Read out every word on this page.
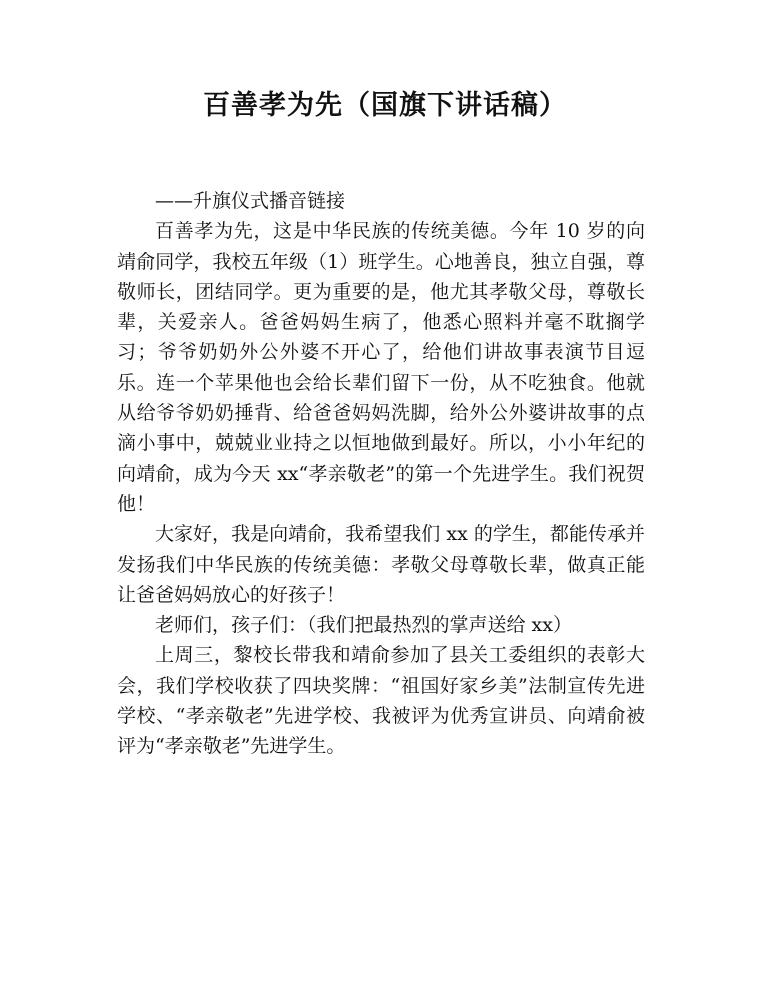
百善孝为先（国旗下讲话稿）

——升旗仪式播音链接

百善孝为先，这是中华民族的传统美德。今年 10 岁的向靖俞同学，我校五年级（1）班学生。心地善良，独立自强，尊敬师长，团结同学。更为重要的是，他尤其孝敬父母，尊敬长辈，关爱亲人。爸爸妈妈生病了，他悉心照料并毫不耽搁学习；爷爷奶奶外公外婆不开心了，给他们讲故事表演节目逗乐。连一个苹果他也会给长辈们留下一份，从不吃独食。他就从给爷爷奶奶捶背、给爸爸妈妈洗脚，给外公外婆讲故事的点滴小事中，兢兢业业持之以恒地做到最好。所以，小小年纪的向靖俞，成为今天 xx“孝亲敬老”的第一个先进学生。我们祝贺他！

大家好，我是向靖俞，我希望我们 xx 的学生，都能传承并发扬我们中华民族的传统美德：孝敬父母尊敬长辈，做真正能让爸爸妈妈放心的好孩子！

老师们，孩子们：（我们把最热烈的掌声送给 xx）

上周三，黎校长带我和靖俞参加了县关工委组织的表彰大会，我们学校收获了四块奖牌：“祖国好家乡美”法制宣传先进学校、“孝亲敬老”先进学校、我被评为优秀宣讲员、向靖俞被评为“孝亲敬老”先进学生。
